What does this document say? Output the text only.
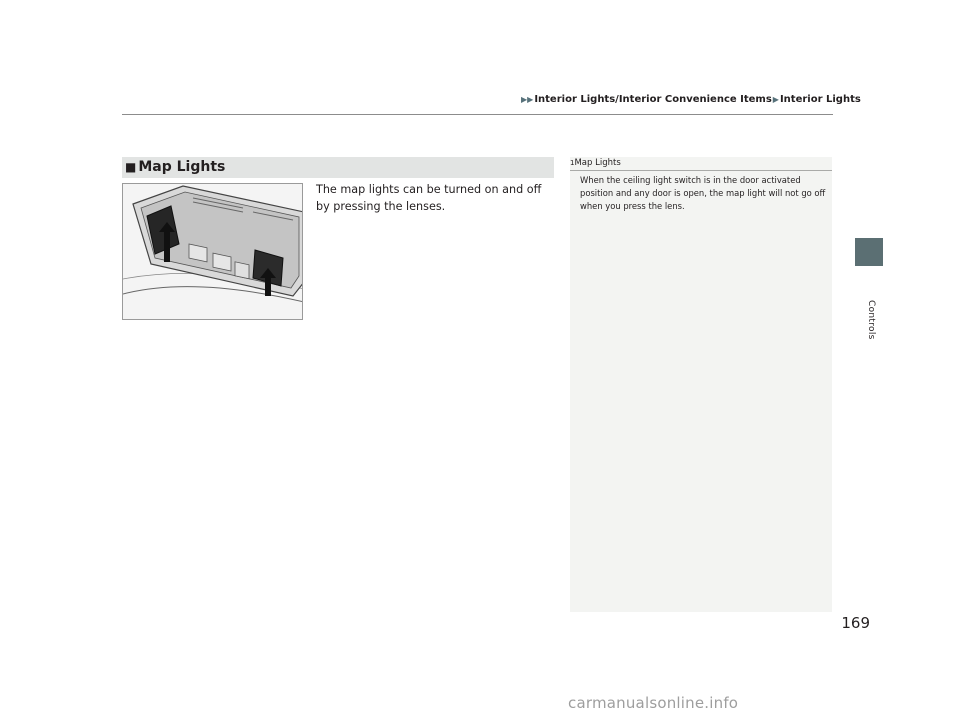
▶▶Interior Lights/Interior Convenience Items▶Interior Lights
Controls
■ Map Lights
The map lights can be turned on and off by pressing the lenses.
$^1$Map Lights
When the ceiling light switch is in the door activated position and any door is open, the map light will not go off when you press the lens.
169
carmanualsonline.info
